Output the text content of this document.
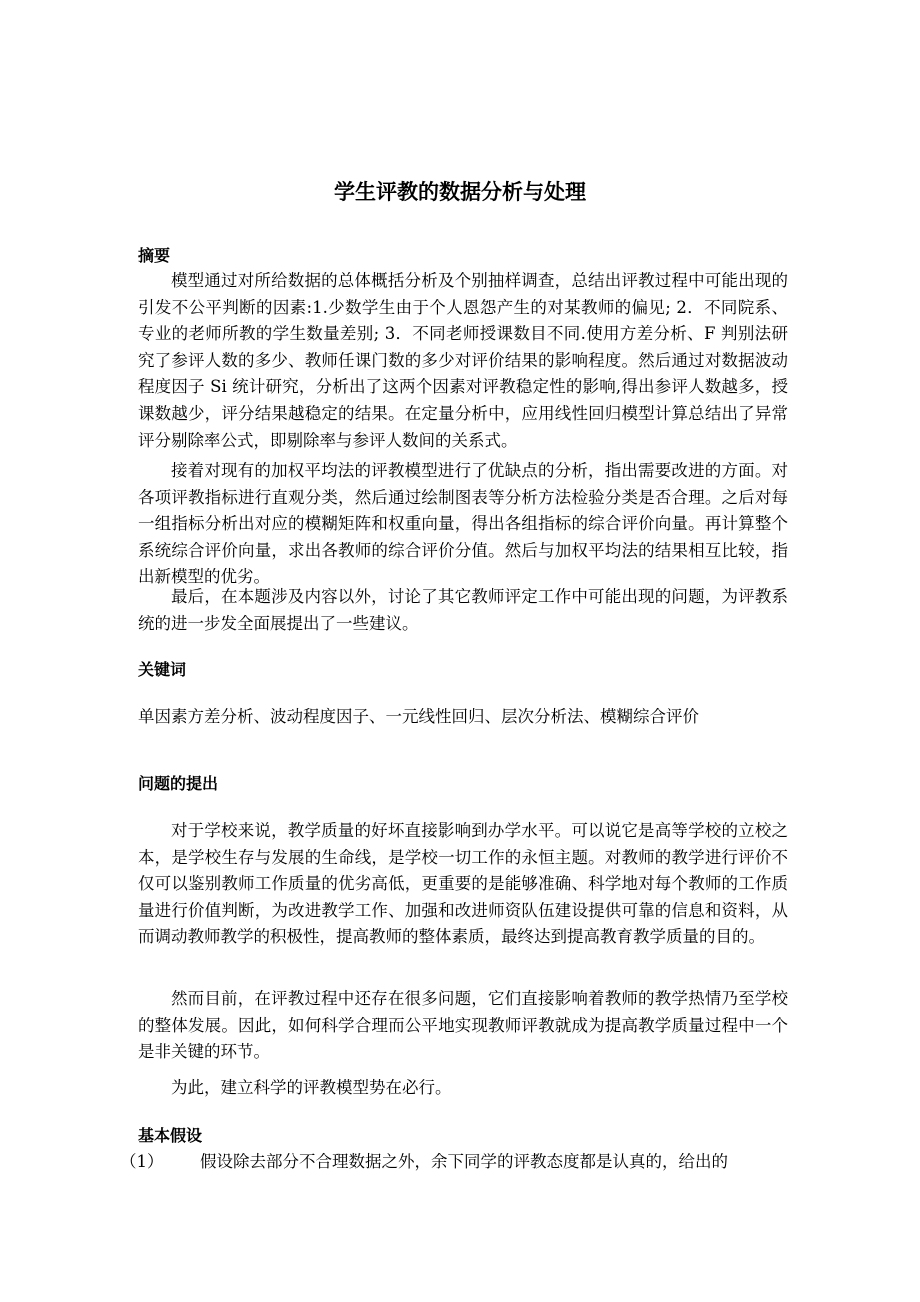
学生评教的数据分析与处理
摘要

模型通过对所给数据的总体概括分析及个别抽样调查，总结出评教过程中可能出现的引发不公平判断的因素:1.少数学生由于个人恩怨产生的对某教师的偏见; 2．不同院系、专业的老师所教的学生数量差别; 3．不同老师授课数目不同.使用方差分析、F 判别法研究了参评人数的多少、教师任课门数的多少对评价结果的影响程度。然后通过对数据波动程度因子 Si 统计研究，分析出了这两个因素对评教稳定性的影响,得出参评人数越多，授课数越少，评分结果越稳定的结果。在定量分析中，应用线性回归模型计算总结出了异常评分剔除率公式，即剔除率与参评人数间的关系式。

接着对现有的加权平均法的评教模型进行了优缺点的分析，指出需要改进的方面。对各项评教指标进行直观分类，然后通过绘制图表等分析方法检验分类是否合理。之后对每一组指标分析出对应的模糊矩阵和权重向量，得出各组指标的综合评价向量。再计算整个系统综合评价向量，求出各教师的综合评价分值。然后与加权平均法的结果相互比较，指出新模型的优劣。

最后，在本题涉及内容以外，讨论了其它教师评定工作中可能出现的问题，为评教系统的进一步发全面展提出了一些建议。

关键词

单因素方差分析、波动程度因子、一元线性回归、层次分析法、模糊综合评价

问题的提出

对于学校来说，教学质量的好坏直接影响到办学水平。可以说它是高等学校的立校之本，是学校生存与发展的生命线，是学校一切工作的永恒主题。对教师的教学进行评价不仅可以鉴别教师工作质量的优劣高低，更重要的是能够准确、科学地对每个教师的工作质量进行价值判断，为改进教学工作、加强和改进师资队伍建设提供可靠的信息和资料，从而调动教师教学的积极性，提高教师的整体素质，最终达到提高教育教学质量的目的。

然而目前，在评教过程中还存在很多问题，它们直接影响着教师的教学热情乃至学校的整体发展。因此，如何科学合理而公平地实现教师评教就成为提高教学质量过程中一个是非关键的环节。

为此，建立科学的评教模型势在必行。

基本假设
（1） 假设除去部分不合理数据之外，余下同学的评教态度都是认真的，给出的
